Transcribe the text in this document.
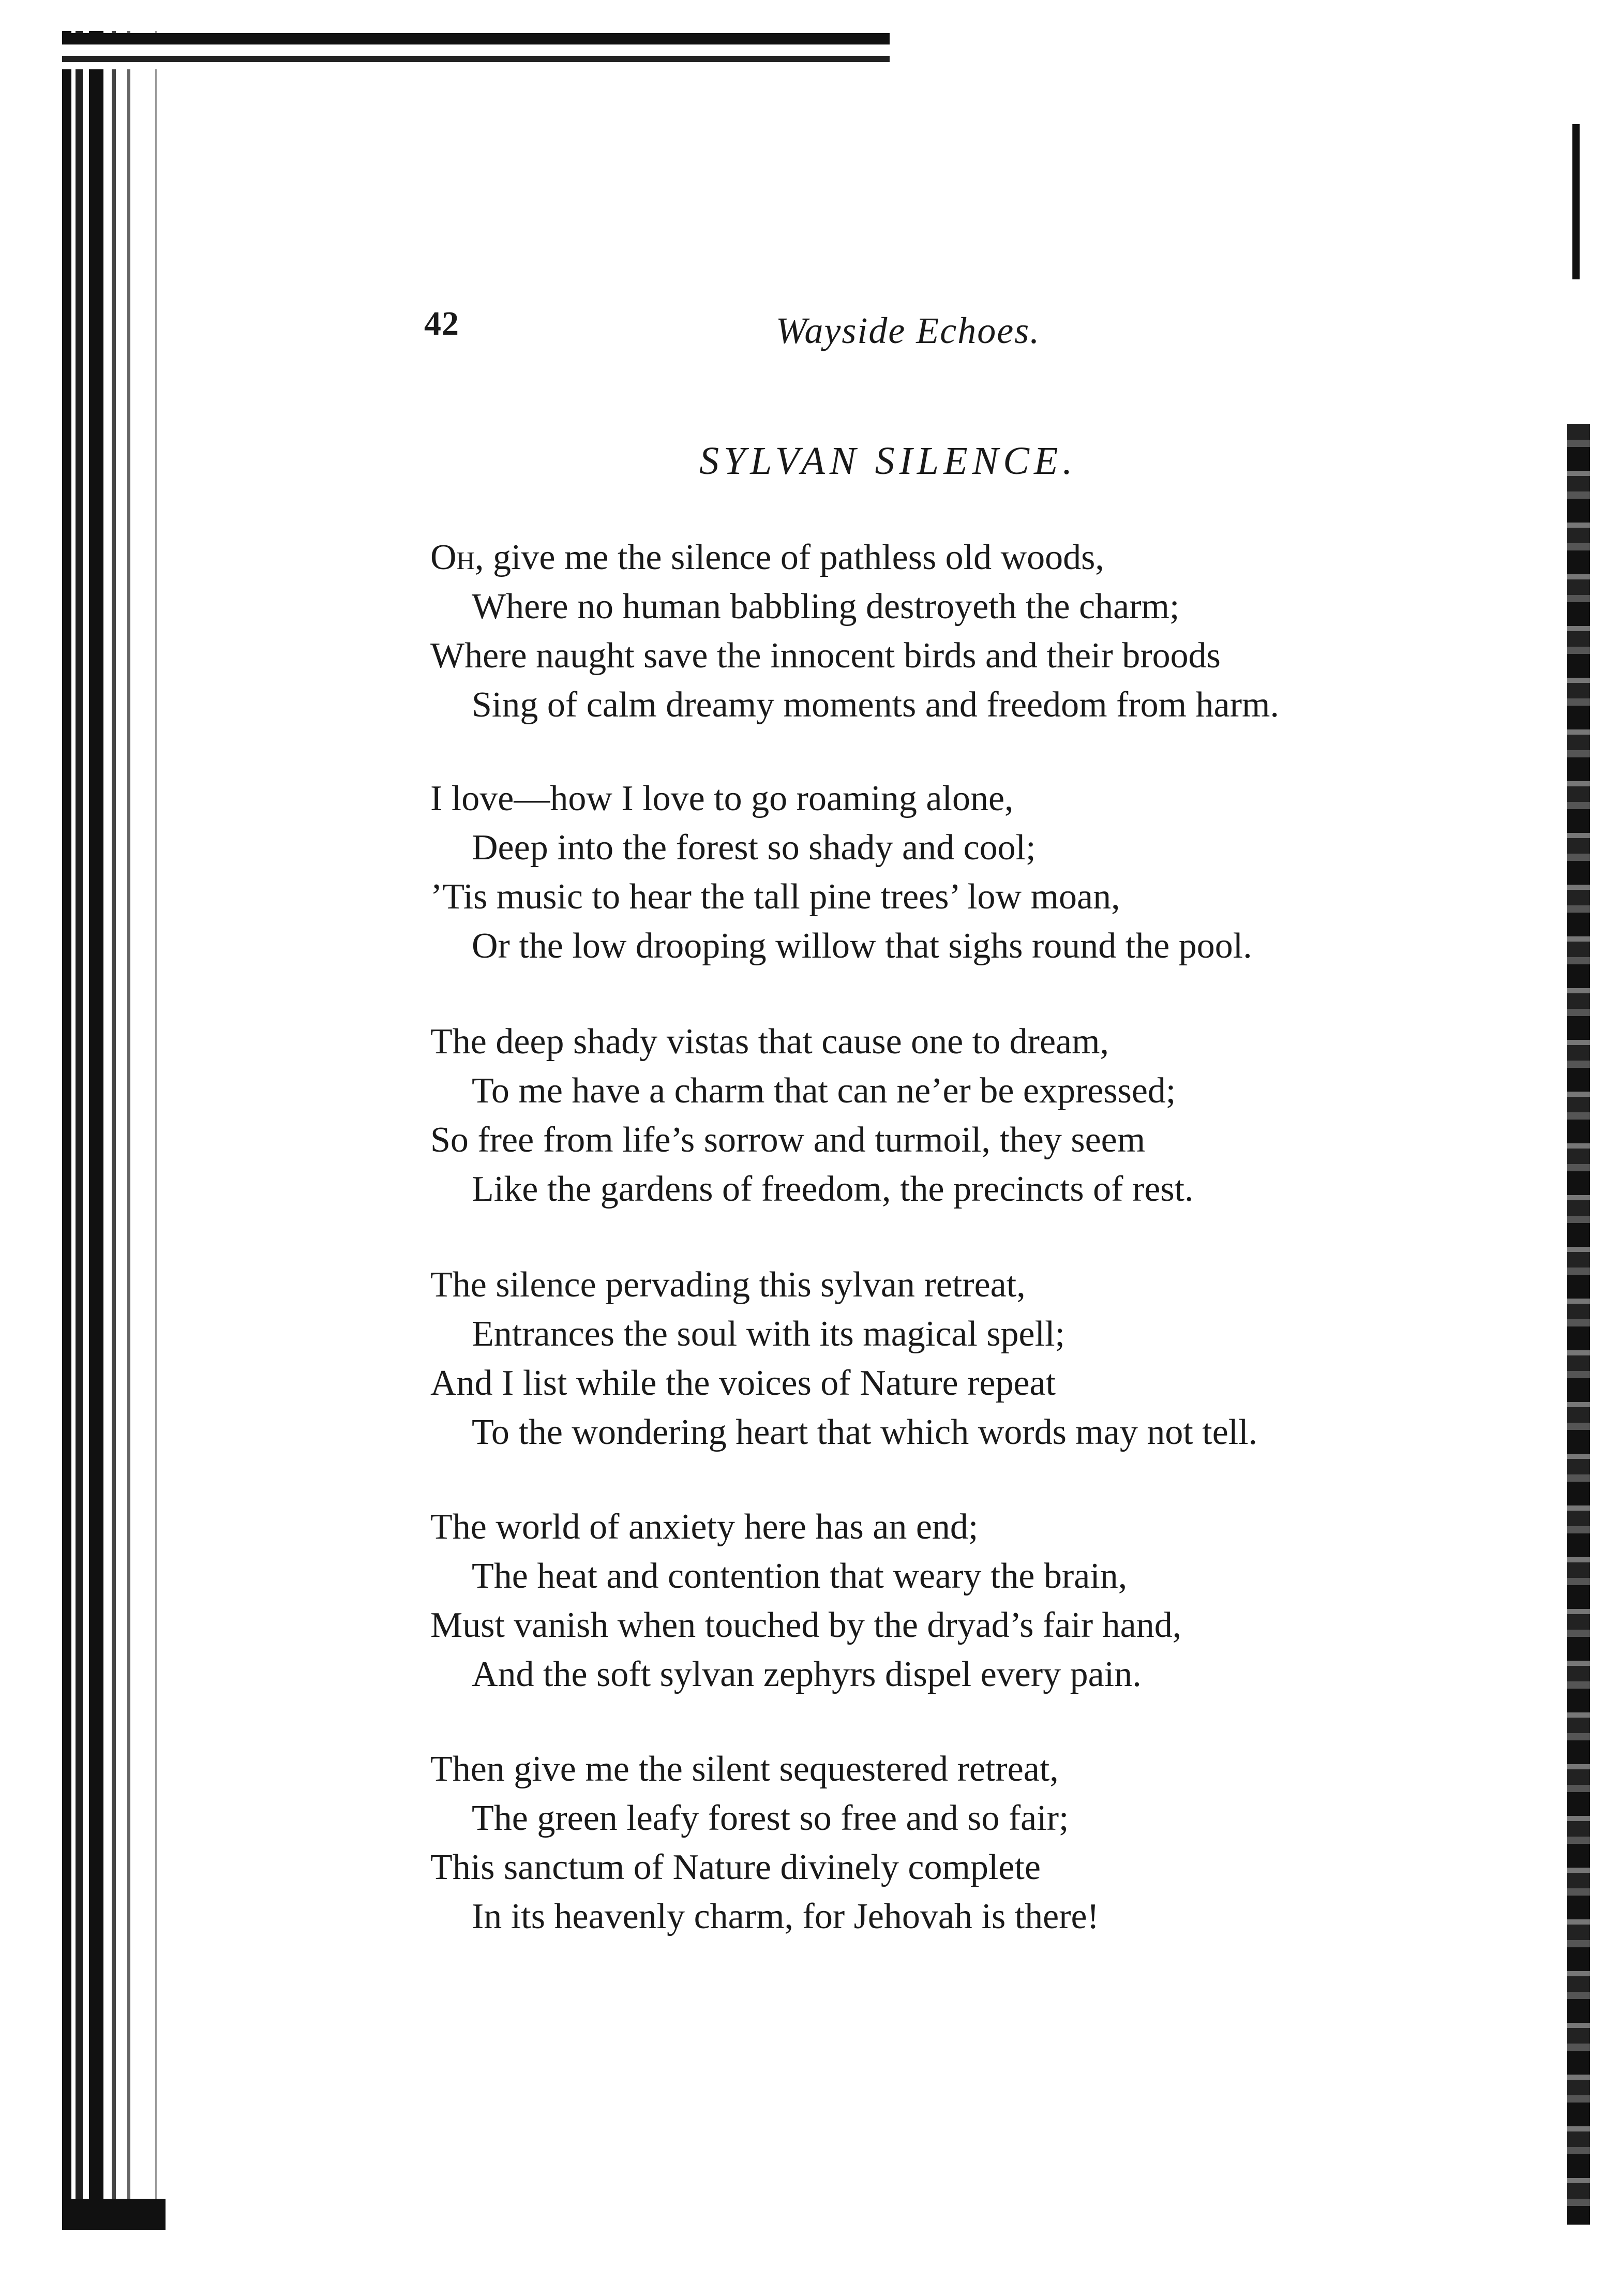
42	Wayside Echoes.
SYLVAN SILENCE.
Oh, give me the silence of pathless old woods,
Where no human babbling destroyeth the charm;
Where naught save the innocent birds and their broods
Sing of calm dreamy moments and freedom from harm.
I love—how I love to go roaming alone,
Deep into the forest so shady and cool;
’Tis music to hear the tall pine trees’ low moan,
Or the low drooping willow that sighs round the pool.
The deep shady vistas that cause one to dream,
To me have a charm that can ne’er be expressed;
So free from life’s sorrow and turmoil, they seem
Like the gardens of freedom, the precincts of rest.
The silence pervading this sylvan retreat,
Entrances the soul with its magical spell;
And I list while the voices of Nature repeat
To the wondering heart that which words may not tell.
The world of anxiety here has an end;
The heat and contention that weary the brain,
Must vanish when touched by the dryad’s fair hand,
And the soft sylvan zephyrs dispel every pain.
Then give me the silent sequestered retreat,
The green leafy forest so free and so fair;
This sanctum of Nature divinely complete
In its heavenly charm, for Jehovah is there!
